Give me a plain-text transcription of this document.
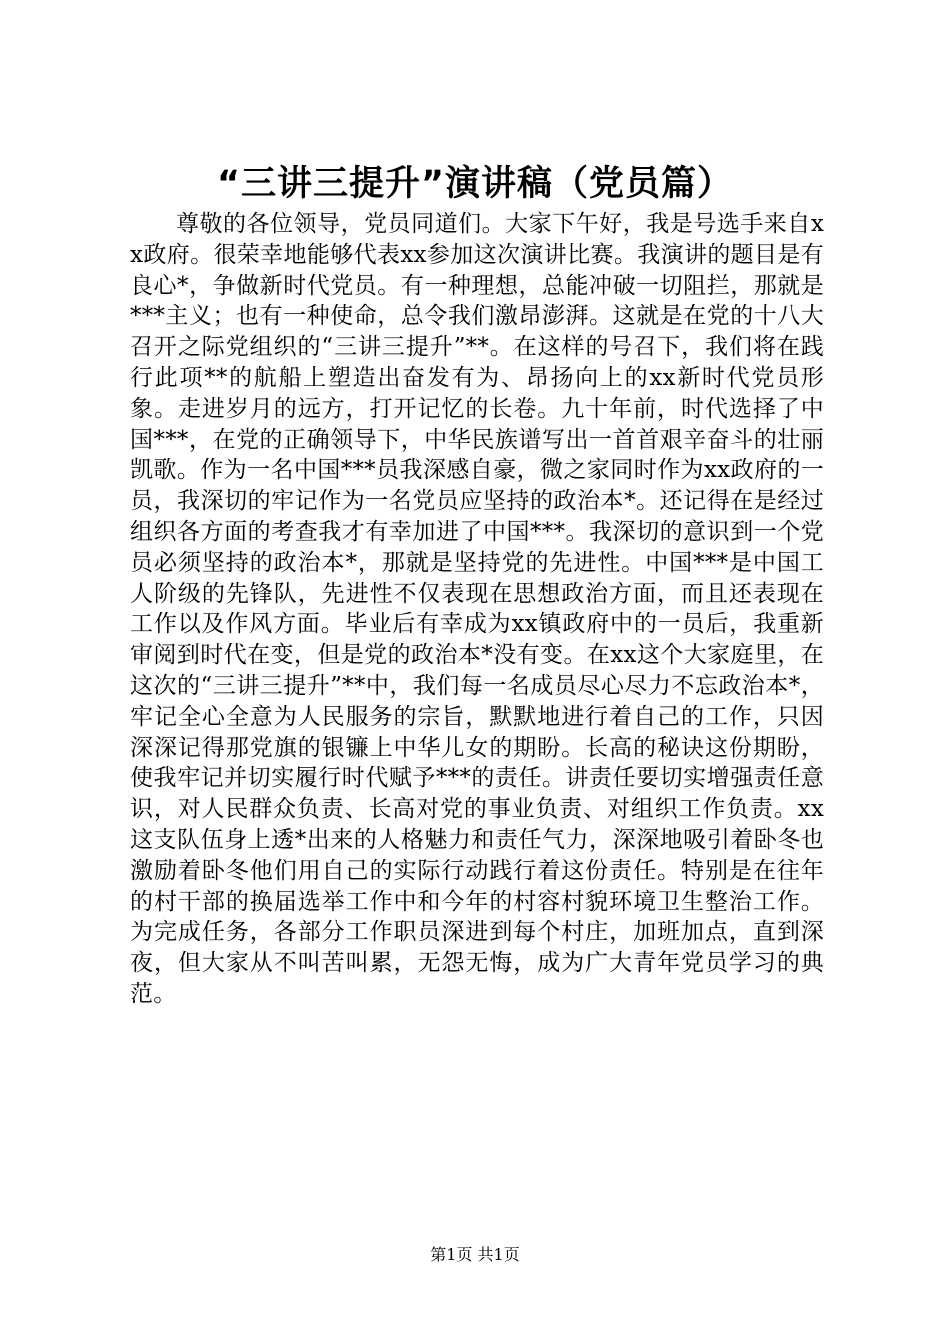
“三讲三提升”演讲稿（党员篇）

尊敬的各位领导，党员同道们。大家下午好，我是号选手来自xx政府。很荣幸地能够代表xx参加这次演讲比赛。我演讲的题目是有良心*，争做新时代党员。有一种理想，总能冲破一切阻拦，那就是***主义；也有一种使命，总令我们激昂澎湃。这就是在党的十八大召开之际党组织的“三讲三提升”**。在这样的号召下，我们将在践行此项**的航船上塑造出奋发有为、昂扬向上的xx新时代党员形象。走进岁月的远方，打开记忆的长卷。九十年前，时代选择了中国***，在党的正确领导下，中华民族谱写出一首首艰辛奋斗的壮丽凯歌。作为一名中国***员我深感自豪，微之家同时作为xx政府的一员，我深切的牢记作为一名党员应坚持的政治本*。还记得在是经过组织各方面的考查我才有幸加进了中国***。我深切的意识到一个党员必须坚持的政治本*，那就是坚持党的先进性。中国***是中国工人阶级的先锋队，先进性不仅表现在思想政治方面，而且还表现在工作以及作风方面。毕业后有幸成为xx镇政府中的一员后，我重新审阅到时代在变，但是党的政治本*没有变。在xx这个大家庭里，在这次的“三讲三提升”**中，我们每一名成员尽心尽力不忘政治本*，牢记全心全意为人民服务的宗旨，默默地进行着自己的工作，只因深深记得那党旗的银镰上中华儿女的期盼。长高的秘诀这份期盼，使我牢记并切实履行时代赋予***的责任。讲责任要切实增强责任意识，对人民群众负责、长高对党的事业负责、对组织工作负责。xx这支队伍身上透*出来的人格魅力和责任气力，深深地吸引着卧冬也激励着卧冬他们用自己的实际行动践行着这份责任。特别是在往年的村干部的换届选举工作中和今年的村容村貌环境卫生整治工作。为完成任务，各部分工作职员深进到每个村庄，加班加点，直到深夜，但大家从不叫苦叫累，无怨无悔，成为广大青年党员学习的典范。

第1页 共1页
